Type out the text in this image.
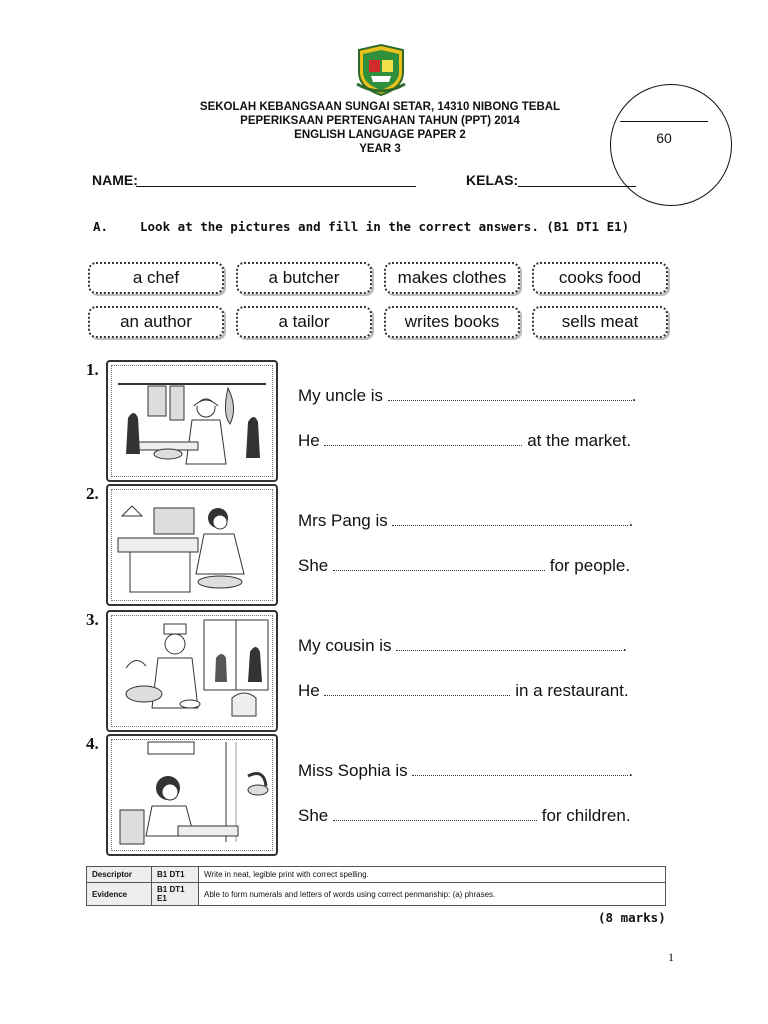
SEKOLAH KEBANGSAAN SUNGAI SETAR, 14310 NIBONG TEBAL
PEPERIKSAAN PERTENGAHAN TAHUN (PPT) 2014
ENGLISH LANGUAGE PAPER 2
YEAR 3
60
NAME:	KELAS:
A.	Look at the pictures and fill in the correct answers. (B1 DT1 E1)
a chef	a butcher	makes clothes	cooks food
an author	a tailor	writes books	sells meat
1.
My uncle is	.
He	at the market.
2.
Mrs Pang is	.
She	for people.
3.
My cousin is	.
He	in a restaurant.
4.
Miss Sophia is	.
She	for children.
Descriptor	B1 DT1	Write in neat, legible print with correct spelling.
Evidence	B1 DT1 E1	Able to form numerals and letters of words using correct penmanship: (a) phrases.
(8 marks)
1
